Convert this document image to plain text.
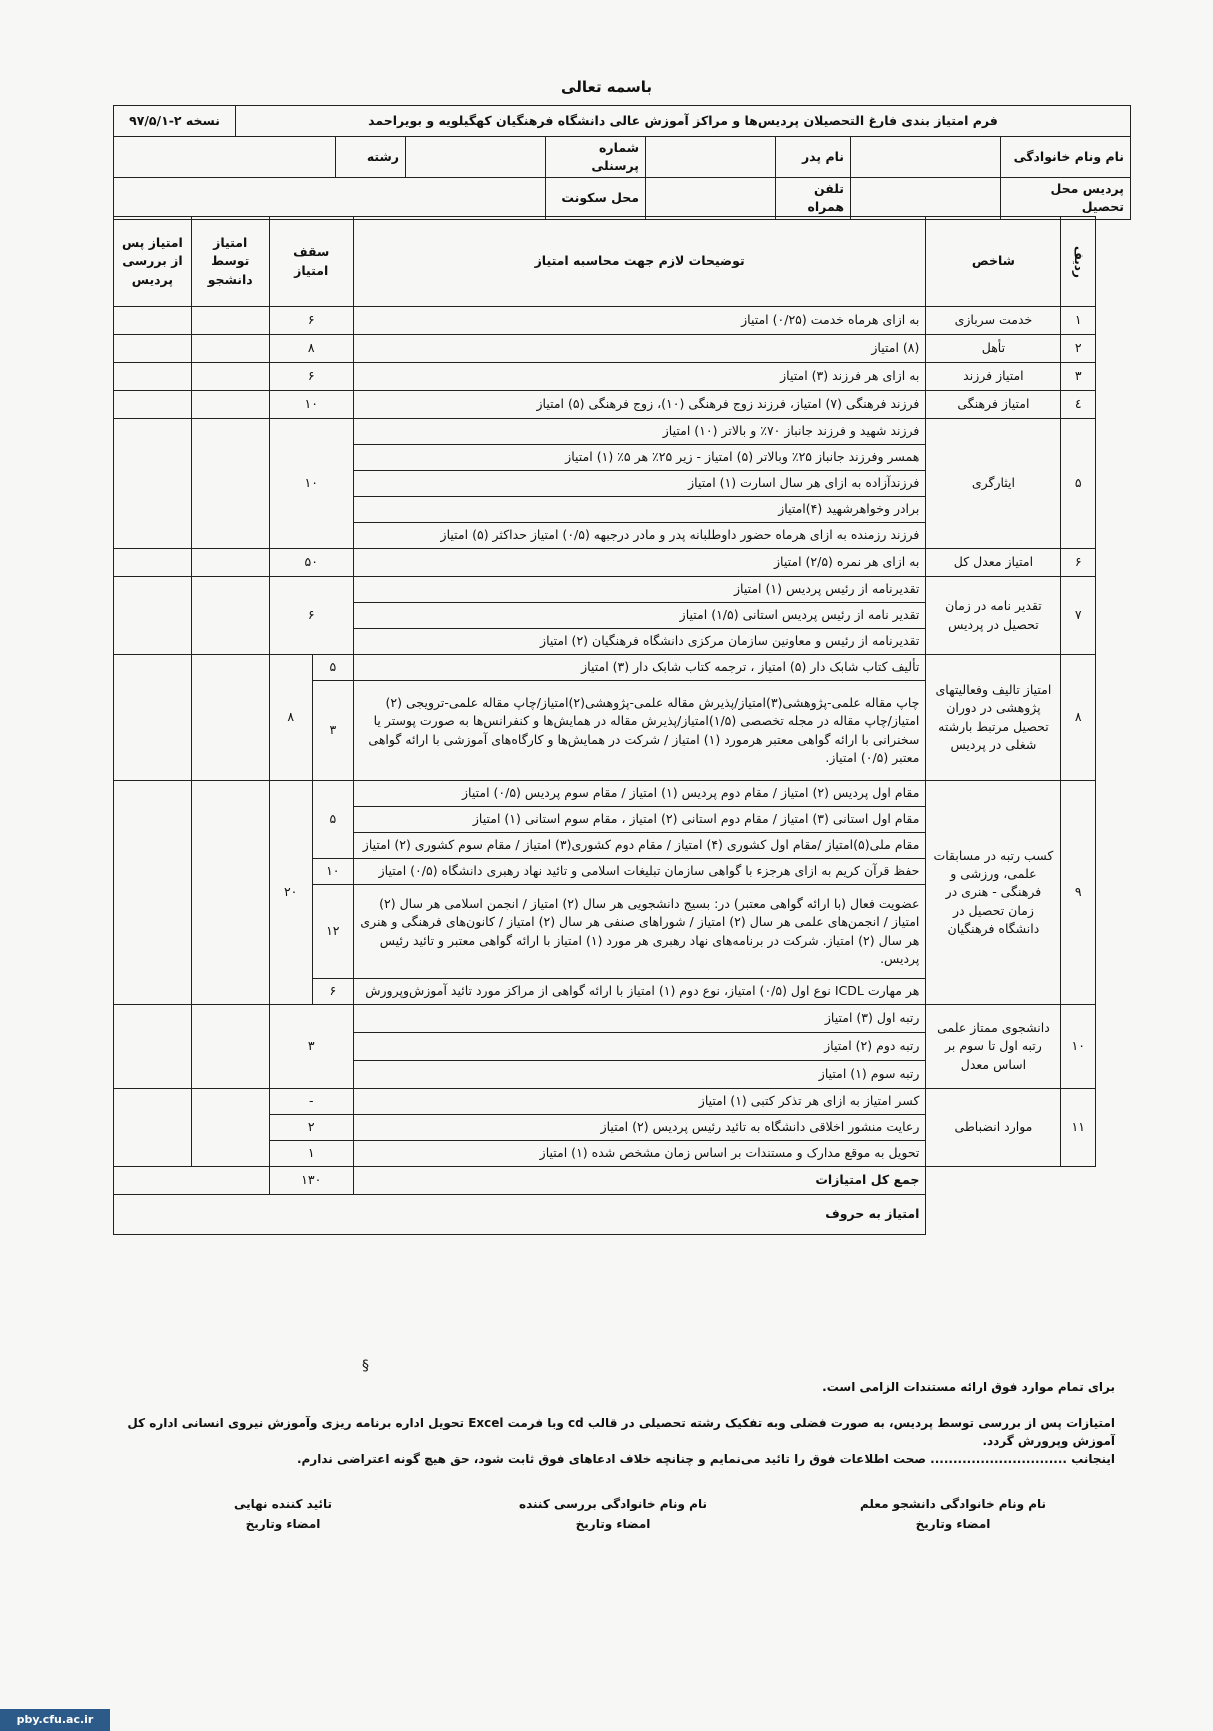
باسمه تعالی
فرم امتیاز بندی فارغ التحصیلان پردیس‌ها و مراکز آموزش عالی دانشگاه فرهنگیان کهگیلویه و بویراحمد								نسخه ۲-۹۷/۵/۱
نام ونام خانوادگی		نام پدر		شماره پرسنلی		رشته		
پردیس محل تحصیل		تلفن همراه		محل سکونت				
ردیف	شاخص	توضیحات لازم جهت محاسبه امتیاز	سقف امتیاز		امتیاز توسط دانشجو	امتیاز پس از بررسی پردیس
۱	خدمت سربازی	به ازای هرماه خدمت (۰/۲۵) امتیاز	۶			
۲	تأهل	(۸) امتیاز	۸			
۳	امتیاز فرزند	به ازای هر فرزند (۳) امتیاز	۶			
٤	امتیاز فرهنگی	فرزند فرهنگی (۷) امتیاز، فرزند زوج فرهنگی (۱۰)، زوج فرهنگی (۵) امتیاز	۱۰			
۵	ایثارگری	فرزند شهید و فرزند جانباز ۷۰٪ و بالاتر (۱۰) امتیاز	۱۰			
		همسر وفرزند جانباز ۲۵٪ وبالاتر (۵) امتیاز - زیر ۲۵٪ هر ۵٪ (۱) امتیاز				
		فرزندآزاده به ازای هر سال اسارت (۱) امتیاز				
		برادر وخواهرشهید (۴)امتیاز				
		فرزند رزمنده به ازای هرماه حضور داوطلبانه پدر و مادر درجبهه (۰/۵) امتیاز حداکثر (۵) امتیاز				
۶	امتیاز معدل کل	به ازای هر نمره (۲/۵) امتیاز	۵۰			
۷	تقدیر نامه در زمان تحصیل در پردیس	تقدیرنامه از رئیس پردیس (۱) امتیاز	۶			
		تقدیر نامه از رئیس پردیس استانی (۱/۵) امتیاز				
		تقدیرنامه از رئیس و معاونین سازمان مرکزی دانشگاه فرهنگیان (۲) امتیاز				
۸	امتیاز تالیف وفعالیتهای پژوهشی در دوران تحصیل مرتبط بارشته شغلی در پردیس	تألیف کتاب شابک دار (۵) امتیاز ، ترجمه کتاب شابک دار (۳) امتیاز	۵	۸		
		چاپ مقاله علمی-پژوهشی(۳)امتیاز/پذیرش مقاله علمی-پژوهشی(۲)امتیاز/چاپ مقاله علمی-ترویجی (۲) امتیاز/چاپ مقاله در مجله تخصصی (۱/۵)امتیاز/پذیرش مقاله در همایش‌ها و کنفرانس‌ها به صورت پوستر یا سخنرانی با ارائه گواهی معتبر هرمورد (۱) امتیاز / شرکت در همایش‌ها و کارگاه‌های آموزشی با ارائه گواهی معتبر (۰/۵) امتیاز.	۳			
۹	کسب رتبه در مسابقات علمی، ورزشی و فرهنگی - هنری در زمان تحصیل در دانشگاه فرهنگیان	مقام اول پردیس (۲) امتیاز / مقام دوم پردیس (۱) امتیاز / مقام سوم پردیس (۰/۵) امتیاز	۵	۲۰		
		مقام اول استانی (۳) امتیاز / مقام دوم استانی (۲) امتیاز ، مقام سوم استانی (۱) امتیاز				
		مقام ملی(۵)امتیاز /مقام اول کشوری (۴) امتیاز / مقام دوم کشوری(۳) امتیاز / مقام سوم کشوری (۲) امتیاز				
		حفظ قرآن کریم به ازای هرجزء با گواهی سازمان تبلیغات اسلامی و تائید نهاد رهبری دانشگاه (۰/۵) امتیاز	۱۰			
		عضویت فعال (با ارائه گواهی معتبر) در: بسیج دانشجویی هر سال (۲) امتیاز / انجمن اسلامی هر سال (۲) امتیاز / انجمن‌های علمی هر سال (۲) امتیاز / شوراهای صنفی هر سال (۲) امتیاز / کانون‌های فرهنگی و هنری هر سال (۲) امتیاز. شرکت در برنامه‌های نهاد رهبری هر مورد (۱) امتیاز با ارائه گواهی معتبر و تائید رئیس پردیس.	۱۲			
		هر مهارت ICDL نوع اول (۰/۵) امتیاز، نوع دوم (۱) امتیاز با ارائه گواهی از مراکز مورد تائید آموزش‌وپرورش	۶			
۱۰	دانشجوی ممتاز علمی رتبه اول تا سوم بر اساس معدل	رتبه اول (۳) امتیاز	۳			
		رتبه دوم (۲) امتیاز				
		رتبه سوم (۱) امتیاز				
۱۱	موارد انضباطی	کسر امتیاز به ازای هر تذکر کتبی (۱) امتیاز	-			
		رعایت منشور اخلاقی دانشگاه به تائید رئیس پردیس (۲) امتیاز	۲			
		تحویل به موقع مدارک و مستندات بر اساس زمان مشخص شده (۱) امتیاز	۱			
		جمع کل امتیازات	۱۳۰			
		امتیاز به حروف				
§
برای تمام موارد فوق ارائه مستندات الزامی است.
امتیازات پس از بررسی توسط پردیس، به صورت فضلی وبه تفکیک رشته تحصیلی در قالب cd وبا فرمت Excel تحویل اداره برنامه ریزی وآموزش نیروی انسانی اداره کل آموزش وپرورش گردد.
اینجانب .............................. صحت اطلاعات فوق را تائید می‌نمایم و چنانچه خلاف ادعاهای فوق ثابت شود، حق هیچ گونه اعتراضی ندارم.
نام ونام خانوادگی دانشجو معلم
امضاء وتاریخ
نام ونام خانوادگی بررسی کننده
امضاء وتاریخ
تائید کننده نهایی
امضاء وتاریخ
pby.cfu.ac.ir
